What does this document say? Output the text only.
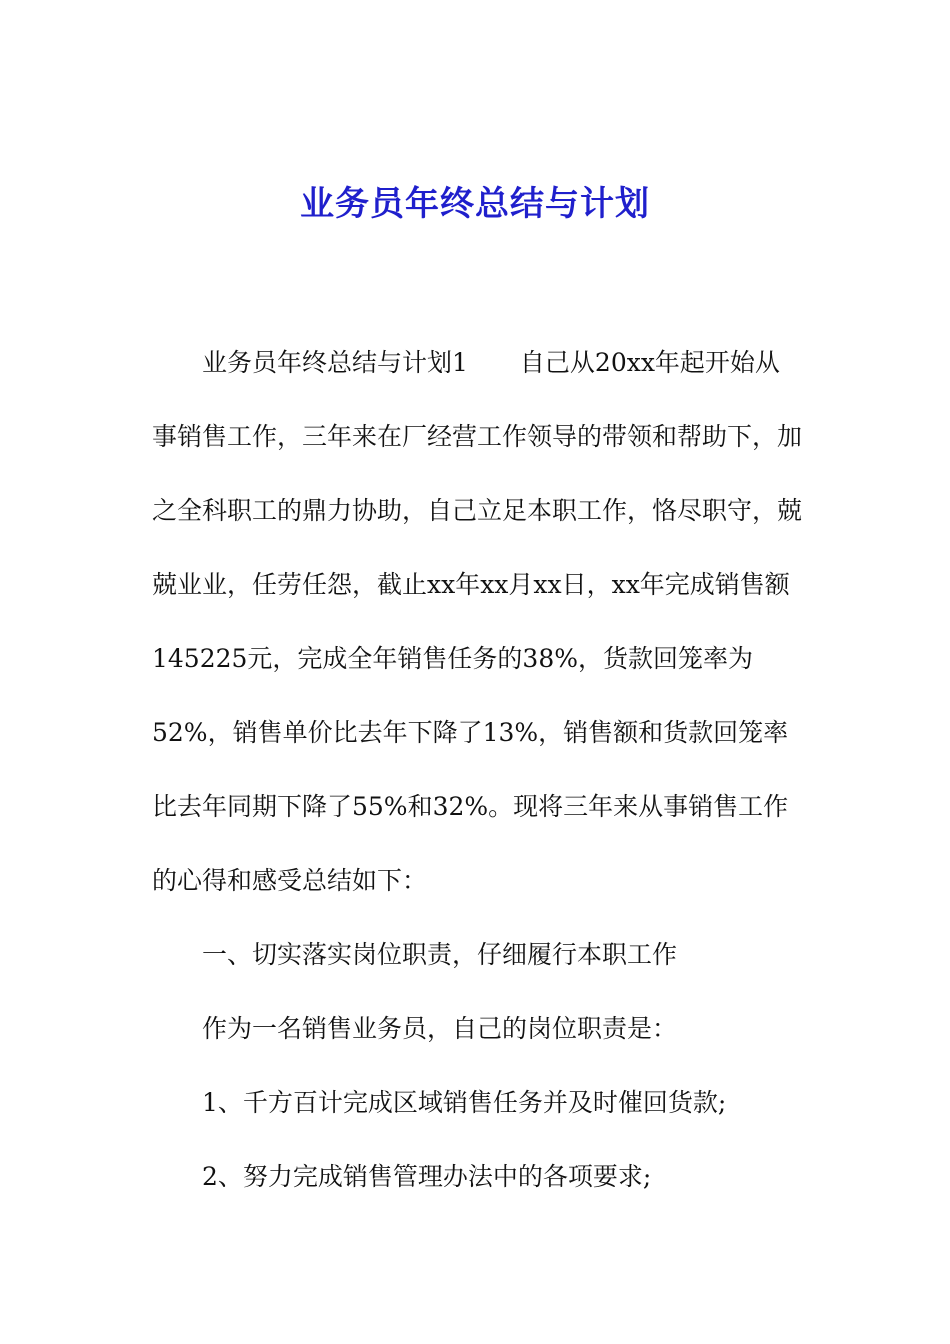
业务员年终总结与计划

业务员年终总结与计划1 自己从20xx年起开始从事销售工作，三年来在厂经营工作领导的带领和帮助下，加之全科职工的鼎力协助，自己立足本职工作，恪尽职守，兢兢业业，任劳任怨，截止xx年xx月xx日，xx年完成销售额145225元，完成全年销售任务的38%，货款回笼率为52%，销售单价比去年下降了13%，销售额和货款回笼率比去年同期下降了55%和32%。现将三年来从事销售工作的心得和感受总结如下：

一、切实落实岗位职责，仔细履行本职工作

作为一名销售业务员，自己的岗位职责是：

1、千方百计完成区域销售任务并及时催回货款;

2、努力完成销售管理办法中的各项要求;
